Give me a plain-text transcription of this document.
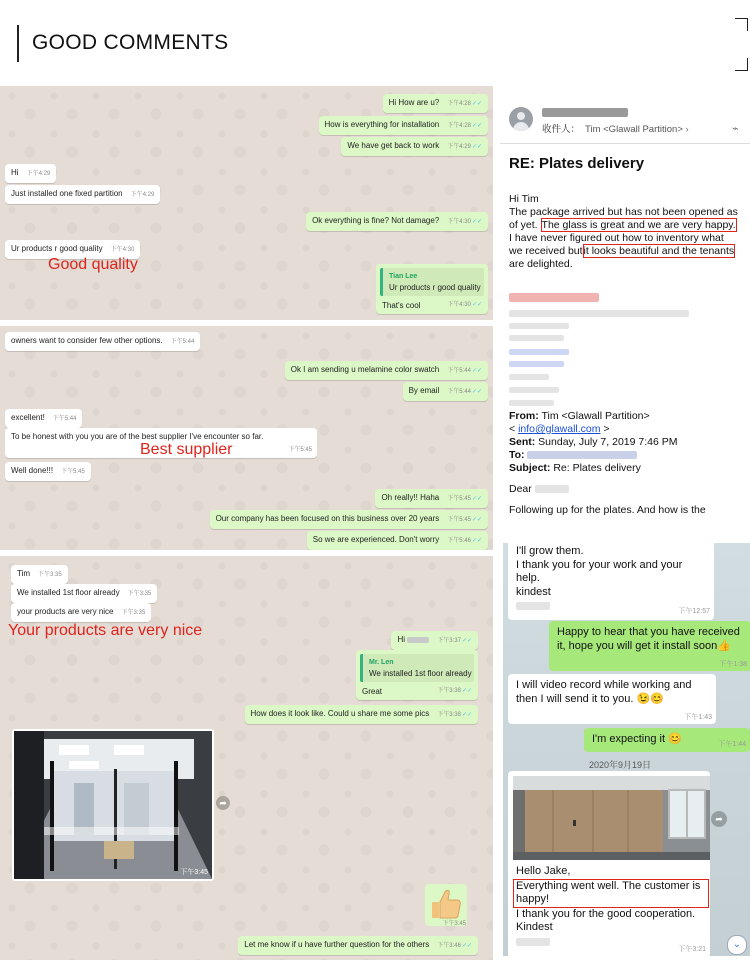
GOOD COMMENTS
Hi How are u? 下午4:28✓✓
How is everything for installation 下午4:28✓✓
We have get back to work 下午4:29✓✓
Hi 下午4:29
Just installed one fixed partition 下午4:29
Ok everything is fine? Not damage? 下午4:30✓✓
Ur products r good quality 下午4:30
Good quality
Tian Lee
Ur products r good quality
That's cool	下午4:30✓✓
owners want to consider few other options. 下午5:44
Ok I am sending u melamine color swatch 下午5:44✓✓
By email 下午5:44✓✓
excellent! 下午5:44
To be honest with you you are of the best supplier I've encounter so far.
下午5:45
Best supplier
Well done!!! 下午5:45
Oh really!! Haha 下午5:45✓✓
Our company has been focused on this business over 20 years 下午5:45✓✓
So we are experienced. Don't worry 下午5:46✓✓
Tim 下午3:35
We installed 1st floor already 下午3:35
your products are very nice 下午3:35
Your products are very nice
Hi	下午3:37✓✓
Mr. Len
We installed 1st floor already
Great	下午3:38✓✓
How does it look like. Could u share me some pics 下午3:38✓✓
下午3:45
➦
下午3:45
Let me know if u have further question for the others 下午3:46✓✓
收件人： Tim <Glawall Partition> ›	⌁
RE: Plates delivery
Hi Tim
The package arrived but has not been opened as
of yet. The glass is great and we are very happy.
I have never figured out how to inventory what
we received butit looks beautiful and the tenants
are delighted.

From: Tim <Glawall Partition>
< info@glawall.com >
Sent: Sunday, July 7, 2019 7:46 PM
To:
Subject: Re: Plates delivery
Dear
Following up for the plates. And how is the
I'll grow them.
I thank you for your work and your
help.
kindest
下午12:57
Happy to hear that you have received
it, hope you will get it install soon👍
下午1:38
I will video record while working and
then I will send it to you. 😉😊
下午1:43
I'm expecting it 😊	下午1:44
2020年9月19日
Hello Jake,
Everything went well. The customer is
happy!
I thank you for the good cooperation.
Kindest
下午3:21
➦
⌄
